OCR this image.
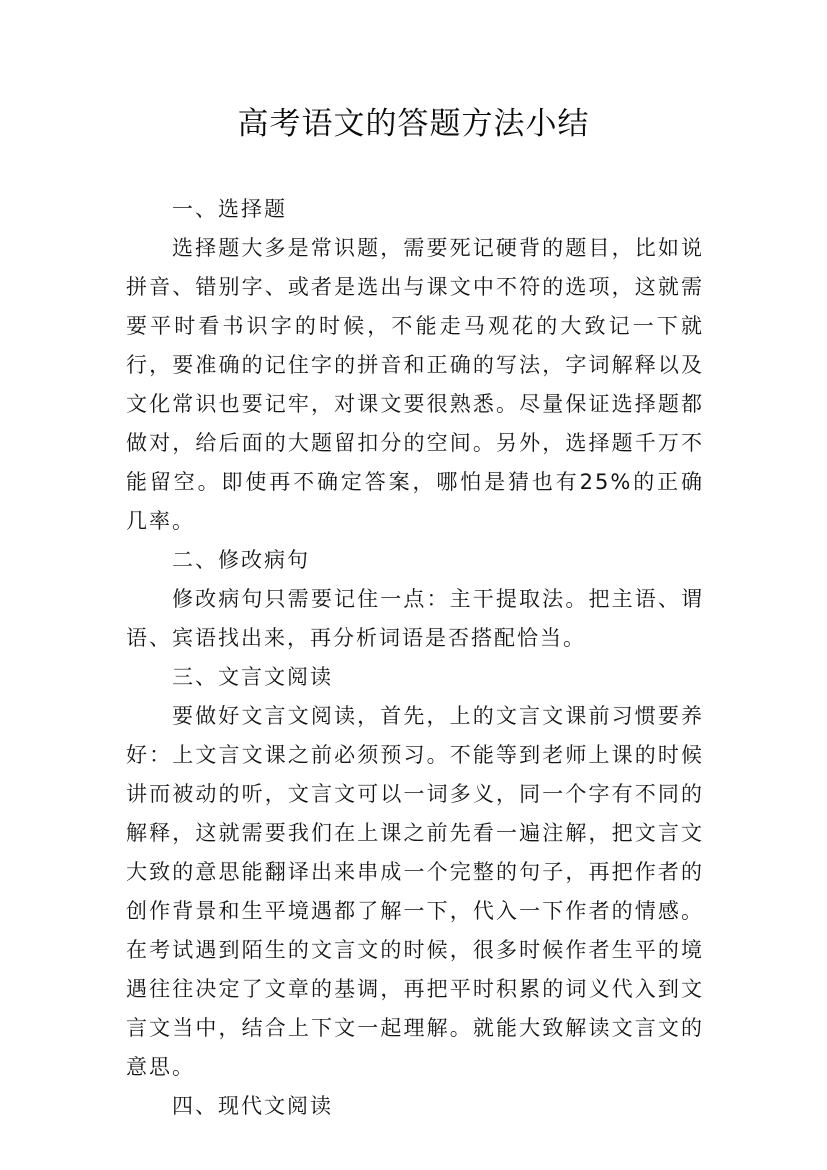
高考语文的答题方法小结

一、选择题

选择题大多是常识题，需要死记硬背的题目，比如说拼音、错别字、或者是选出与课文中不符的选项，这就需要平时看书识字的时候，不能走马观花的大致记一下就行，要准确的记住字的拼音和正确的写法，字词解释以及文化常识也要记牢，对课文要很熟悉。尽量保证选择题都做对，给后面的大题留扣分的空间。另外，选择题千万不能留空。即使再不确定答案，哪怕是猜也有25%的正确几率。

二、修改病句

修改病句只需要记住一点：主干提取法。把主语、谓语、宾语找出来，再分析词语是否搭配恰当。

三、文言文阅读

要做好文言文阅读，首先，上的文言文课前习惯要养好：上文言文课之前必须预习。不能等到老师上课的时候讲而被动的听，文言文可以一词多义，同一个字有不同的解释，这就需要我们在上课之前先看一遍注解，把文言文大致的意思能翻译出来串成一个完整的句子，再把作者的创作背景和生平境遇都了解一下，代入一下作者的情感。在考试遇到陌生的文言文的时候，很多时候作者生平的境遇往往决定了文章的基调，再把平时积累的词义代入到文言文当中，结合上下文一起理解。就能大致解读文言文的意思。

四、现代文阅读
